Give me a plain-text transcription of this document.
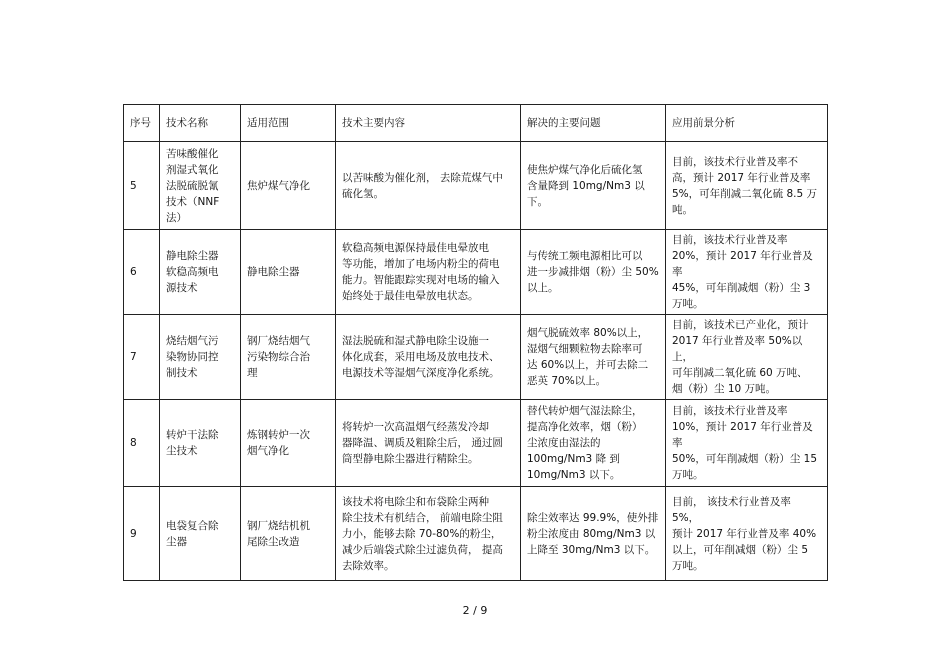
序号	技术名称	适用范围	技术主要内容	解决的主要问题	应用前景分析
5	苦味酸催化
剂湿式氧化
法脱硫脱氰
技术（NNF
法）	焦炉煤气净化	以苦味酸为催化剂， 去除荒煤气中
硫化氢。	使焦炉煤气净化后硫化氢
含量降到 10mg/Nm3 以
下。	目前，该技术行业普及率不
高，预计 2017 年行业普及率
5%，可年削减二氧化硫 8.5 万
吨。
6	静电除尘器
软稳高频电
源技术	静电除尘器	软稳高频电源保持最佳电晕放电
等功能，增加了电场内粉尘的荷电
能力。智能跟踪实现对电场的输入
始终处于最佳电晕放电状态。	与传统工频电源相比可以
进一步减排烟（粉）尘 50%
以上。	目前，该技术行业普及率
20%，预计 2017 年行业普及率
45%，可年削减烟（粉）尘 3
万吨。
7	烧结烟气污
染物协同控
制技术	钢厂烧结烟气
污染物综合治
理	湿法脱硫和湿式静电除尘设施一
体化成套，采用电场及放电技术、
电源技术等湿烟气深度净化系统。	烟气脱硫效率 80%以上，
湿烟气细颗粒物去除率可
达 60%以上，并可去除二
恶英 70%以上。	目前，该技术已产业化，预计
2017 年行业普及率 50%以上，
可年削减二氧化硫 60 万吨、
烟（粉）尘 10 万吨。
8	转炉干法除
尘技术	炼钢转炉一次
烟气净化	将转炉一次高温烟气经蒸发冷却
器降温、调质及粗除尘后， 通过圆
筒型静电除尘器进行精除尘。	替代转炉烟气湿法除尘，
提高净化效率，烟（粉）
尘浓度由湿法的
100mg/Nm3 降 到
10mg/Nm3 以下。	目前，该技术行业普及率
10%，预计 2017 年行业普及率
50%，可年削减烟（粉）尘 15
万吨。
9	电袋复合除
尘器	钢厂烧结机机
尾除尘改造	该技术将电除尘和布袋除尘两种
除尘技术有机结合， 前端电除尘阻
力小，能够去除 70-80%的粉尘，
减少后端袋式除尘过滤负荷， 提高
去除效率。	除尘效率达 99.9%，使外排
粉尘浓度由 80mg/Nm3 以
上降至 30mg/Nm3 以下。	目前， 该技术行业普及率 5%，
预计 2017 年行业普及率 40%
以上，可年削减烟（粉）尘 5
万吨。
2 / 9
